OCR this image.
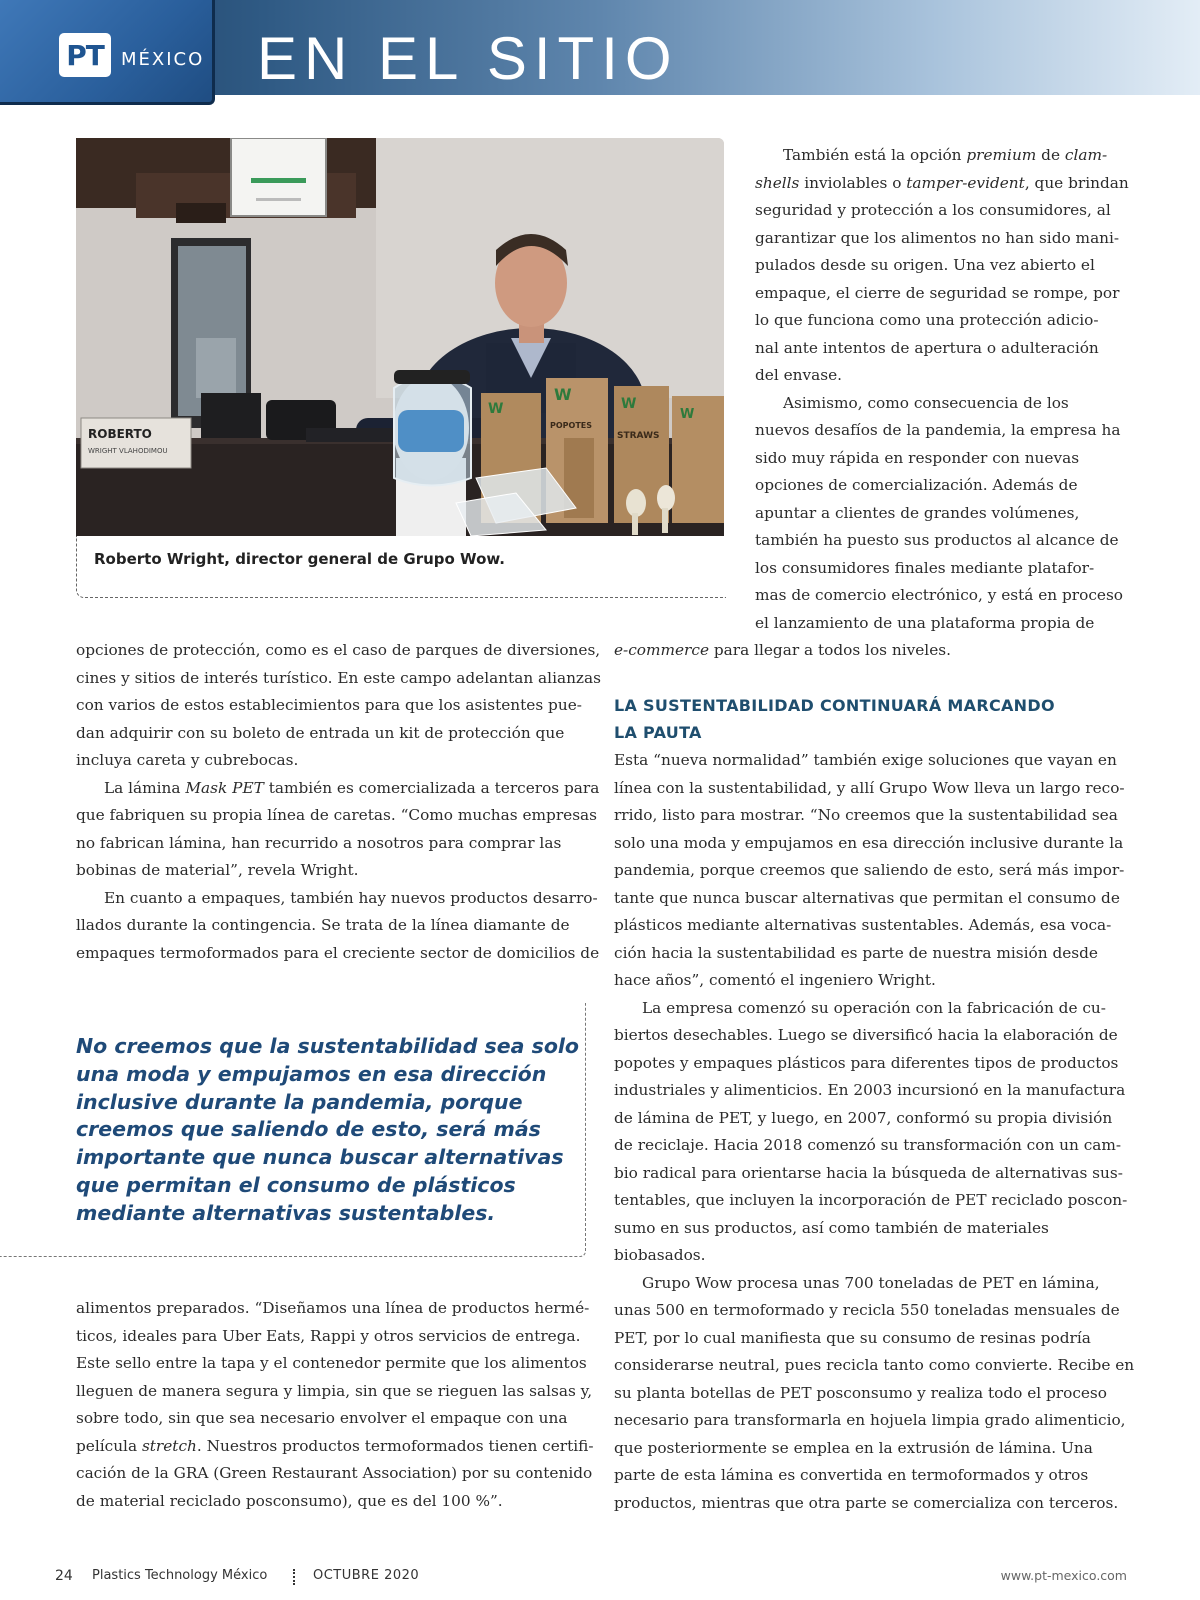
PT MÉXICO EN EL SITIO
ROBERTO
WRIGHT VLAHODIMOU
W
W	W
W
POPOTES
STRAWS
Roberto Wright, director general de Grupo Wow.
También está la opción premium de clam-
shells inviolables o tamper-evident, que brindan
seguridad y protección a los consumidores, al
garantizar que los alimentos no han sido mani-
pulados desde su origen. Una vez abierto el
empaque, el cierre de seguridad se rompe, por
lo que funciona como una protección adicio-
nal ante intentos de apertura o adulteración
del envase.
Asimismo, como consecuencia de los
nuevos desafíos de la pandemia, la empresa ha
sido muy rápida en responder con nuevas
opciones de comercialización. Además de
apuntar a clientes de grandes volúmenes,
también ha puesto sus productos al alcance de
los consumidores finales mediante platafor-
mas de comercio electrónico, y está en proceso
el lanzamiento de una plataforma propia de
e-commerce para llegar a todos los niveles.
opciones de protección, como es el caso de parques de diversiones,
cines y sitios de interés turístico. En este campo adelantan alianzas
con varios de estos establecimientos para que los asistentes pue-
dan adquirir con su boleto de entrada un kit de protección que
incluya careta y cubrebocas.
La lámina Mask PET también es comercializada a terceros para
que fabriquen su propia línea de caretas. “Como muchas empresas
no fabrican lámina, han recurrido a nosotros para comprar las
bobinas de material”, revela Wright.
En cuanto a empaques, también hay nuevos productos desarro-
llados durante la contingencia. Se trata de la línea diamante de
empaques termoformados para el creciente sector de domicilios de
No creemos que la sustentabilidad sea solo
una moda y empujamos en esa dirección
inclusive durante la pandemia, porque
creemos que saliendo de esto, será más
importante que nunca buscar alternativas
que permitan el consumo de plásticos
mediante alternativas sustentables.
alimentos preparados. “Diseñamos una línea de productos hermé-
ticos, ideales para Uber Eats, Rappi y otros servicios de entrega.
Este sello entre la tapa y el contenedor permite que los alimentos
lleguen de manera segura y limpia, sin que se rieguen las salsas y,
sobre todo, sin que sea necesario envolver el empaque con una
película stretch. Nuestros productos termoformados tienen certifi-
cación de la GRA (Green Restaurant Association) por su contenido
de material reciclado posconsumo), que es del 100 %”.
LA SUSTENTABILIDAD CONTINUARÁ MARCANDO
LA PAUTA
Esta “nueva normalidad” también exige soluciones que vayan en
línea con la sustentabilidad, y allí Grupo Wow lleva un largo reco-
rrido, listo para mostrar. “No creemos que la sustentabilidad sea
solo una moda y empujamos en esa dirección inclusive durante la
pandemia, porque creemos que saliendo de esto, será más impor-
tante que nunca buscar alternativas que permitan el consumo de
plásticos mediante alternativas sustentables. Además, esa voca-
ción hacia la sustentabilidad es parte de nuestra misión desde
hace años”, comentó el ingeniero Wright.
La empresa comenzó su operación con la fabricación de cu-
biertos desechables. Luego se diversificó hacia la elaboración de
popotes y empaques plásticos para diferentes tipos de productos
industriales y alimenticios. En 2003 incursionó en la manufactura
de lámina de PET, y luego, en 2007, conformó su propia división
de reciclaje. Hacia 2018 comenzó su transformación con un cam-
bio radical para orientarse hacia la búsqueda de alternativas sus-
tentables, que incluyen la incorporación de PET reciclado poscon-
sumo en sus productos, así como también de materiales
biobasados.
Grupo Wow procesa unas 700 toneladas de PET en lámina,
unas 500 en termoformado y recicla 550 toneladas mensuales de
PET, por lo cual manifiesta que su consumo de resinas podría
considerarse neutral, pues recicla tanto como convierte. Recibe en
su planta botellas de PET posconsumo y realiza todo el proceso
necesario para transformarla en hojuela limpia grado alimenticio,
que posteriormente se emplea en la extrusión de lámina. Una
parte de esta lámina es convertida en termoformados y otros
productos, mientras que otra parte se comercializa con terceros.
24 Plastics Technology México	OCTUBRE 2020	www.pt-mexico.com
